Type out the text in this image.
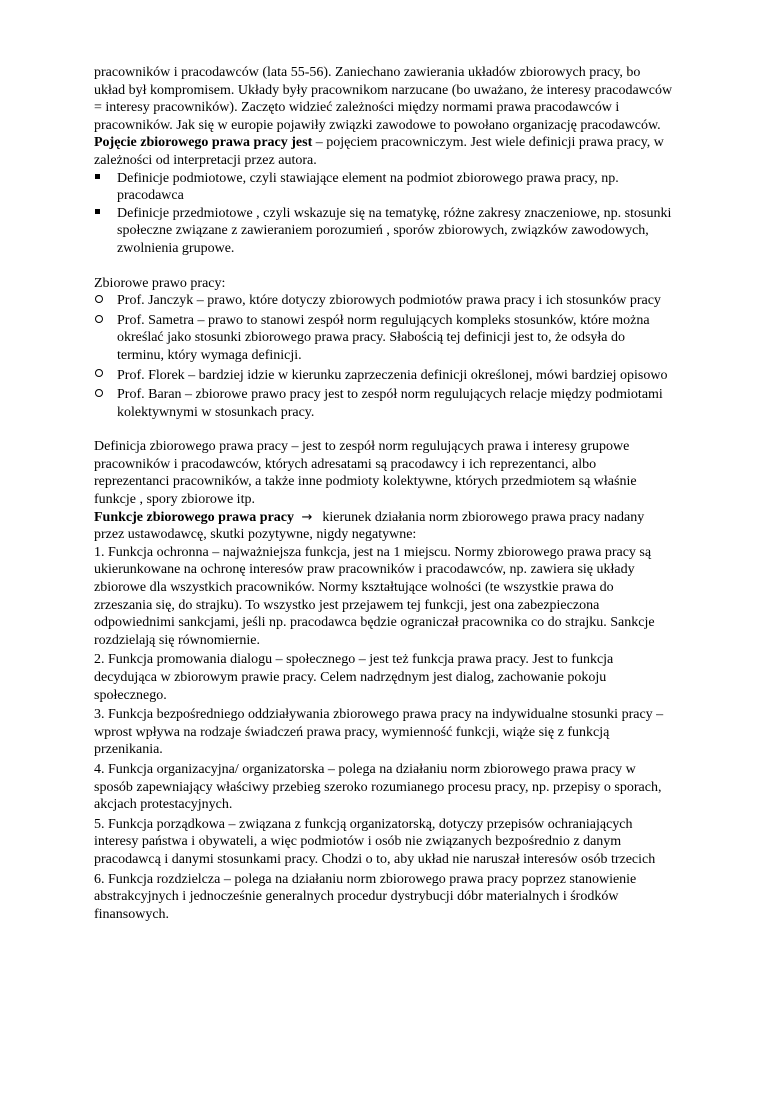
pracowników i pracodawców (lata 55-56). Zaniechano zawierania układów zbiorowych pracy, bo układ był kompromisem. Układy były pracownikom narzucane (bo uważano, że interesy pracodawców = interesy pracowników). Zaczęto widzieć zależności między normami prawa pracodawców i pracowników. Jak się w europie pojawiły związki zawodowe to powołano organizację pracodawców.

Pojęcie zbiorowego prawa pracy jest – pojęciem pracowniczym. Jest wiele definicji prawa pracy, w zależności od interpretacji przez autora.

Definicje podmiotowe, czyli stawiające element na podmiot zbiorowego prawa pracy, np. pracodawca
Definicje przedmiotowe , czyli wskazuje się na tematykę, różne zakresy znaczeniowe, np. stosunki społeczne związane z zawieraniem porozumień , sporów zbiorowych, związków zawodowych, zwolnienia grupowe.

Zbiorowe prawo pracy:

Prof. Janczyk – prawo, które dotyczy zbiorowych podmiotów prawa pracy i ich stosunków pracy
Prof. Sametra – prawo to stanowi zespół norm regulujących kompleks stosunków, które można określać jako stosunki zbiorowego prawa pracy. Słabością tej definicji jest to, że odsyła do terminu, który wymaga definicji.
Prof. Florek – bardziej idzie w kierunku zaprzeczenia definicji określonej, mówi bardziej opisowo
Prof. Baran – zbiorowe prawo pracy jest to zespół norm regulujących relacje między podmiotami kolektywnymi w stosunkach pracy.

Definicja zbiorowego prawa pracy – jest to zespół norm regulujących prawa i interesy grupowe pracowników i pracodawców, których adresatami są pracodawcy i ich reprezentanci, albo reprezentanci pracowników, a także inne podmioty kolektywne, których przedmiotem są właśnie funkcje , spory zbiorowe itp.

Funkcje zbiorowego prawa pracy → kierunek działania norm zbiorowego prawa pracy nadany przez ustawodawcę, skutki pozytywne, nigdy negatywne:

1. Funkcja ochronna – najważniejsza funkcja, jest na 1 miejscu. Normy zbiorowego prawa pracy są ukierunkowane na ochronę interesów praw pracowników i pracodawców, np. zawiera się układy zbiorowe dla wszystkich pracowników. Normy kształtujące wolności (te wszystkie prawa do zrzeszania się, do strajku). To wszystko jest przejawem tej funkcji, jest ona zabezpieczona odpowiednimi sankcjami, jeśli np. pracodawca będzie ograniczał pracownika co do strajku. Sankcje rozdzielają się równomiernie.

2. Funkcja promowania dialogu – społecznego – jest też funkcja prawa pracy. Jest to funkcja decydująca w zbiorowym prawie pracy. Celem nadrzędnym jest dialog, zachowanie pokoju społecznego.

3. Funkcja bezpośredniego oddziaływania zbiorowego prawa pracy na indywidualne stosunki pracy – wprost wpływa na rodzaje świadczeń prawa pracy, wymienność funkcji, wiąże się z funkcją przenikania.

4. Funkcja organizacyjna/ organizatorska – polega na działaniu norm zbiorowego prawa pracy w sposób zapewniający właściwy przebieg szeroko rozumianego procesu pracy, np. przepisy o sporach, akcjach protestacyjnych.

5. Funkcja porządkowa – związana z funkcją organizatorską, dotyczy przepisów ochraniających interesy państwa i obywateli, a więc podmiotów i osób nie związanych bezpośrednio z danym pracodawcą i danymi stosunkami pracy. Chodzi o to, aby układ nie naruszał interesów osób trzecich

6. Funkcja rozdzielcza – polega na działaniu norm zbiorowego prawa pracy poprzez stanowienie abstrakcyjnych i jednocześnie generalnych procedur dystrybucji dóbr materialnych i środków finansowych.
